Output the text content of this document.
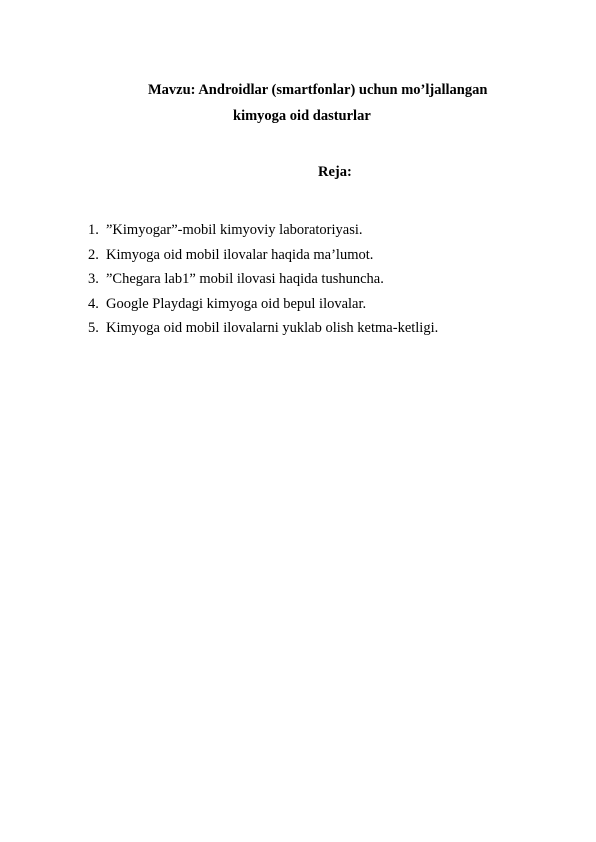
Mavzu: Androidlar (smartfonlar) uchun mo’ljallangan
kimyoga oid dasturlar
Reja:
1. ”Kimyogar”-mobil kimyoviy laboratoriyasi.
2. Kimyoga oid mobil ilovalar haqida ma’lumot.
3. ”Chegara lab1” mobil ilovasi haqida tushuncha.
4. Google Playdagi kimyoga oid bepul ilovalar.
5. Kimyoga oid mobil ilovalarni yuklab olish ketma-ketligi.
